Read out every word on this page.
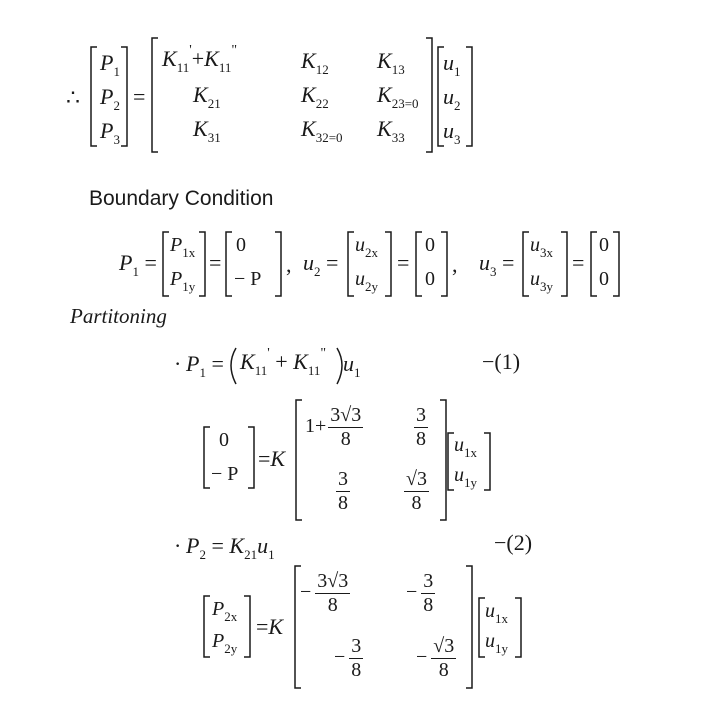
∴
$P_1$
$P_2$
$P_3$
=
$K_{11}'+K_{11}^"$	$K_{12}$ $K_{13}$
$K_{21}$	$K_{22}$ $K_{23=0}$
$K_{31}$	$K_{32=0}$ $K_{33}$
$u_1$
$u_2$
$u_3$
Boundary Condition
$P_1$ =
$P_{1x}$
$P_{1y}$
=
0
− P
, $u_2$ =
$u_{2x}$
$u_{2y}$
=
0
0
, $u_3$ =
$u_{3x}$
$u_{3y}$
=
0
0
Partitoning
· $P_1 = K_{11}' + K_{11}^"$ $u_1$	−(1)
0
− P
=K
$1+ \frac{3√3}{8}$	$\frac{3}{8}$
$\frac{3}{8}$	$\frac{√3}{8}$
$u_{1x}$
$u_{1y}$
· $P_2 = K_{21}u_1$	−(2)
$P_{2x}$
$P_{2y}$
=K
− $\frac{3√3}{8}$	− $\frac{3}{8}$
− $\frac{3}{8}$	− $\frac{√3}{8}$
$u_{1x}$
$u_{1y}$
